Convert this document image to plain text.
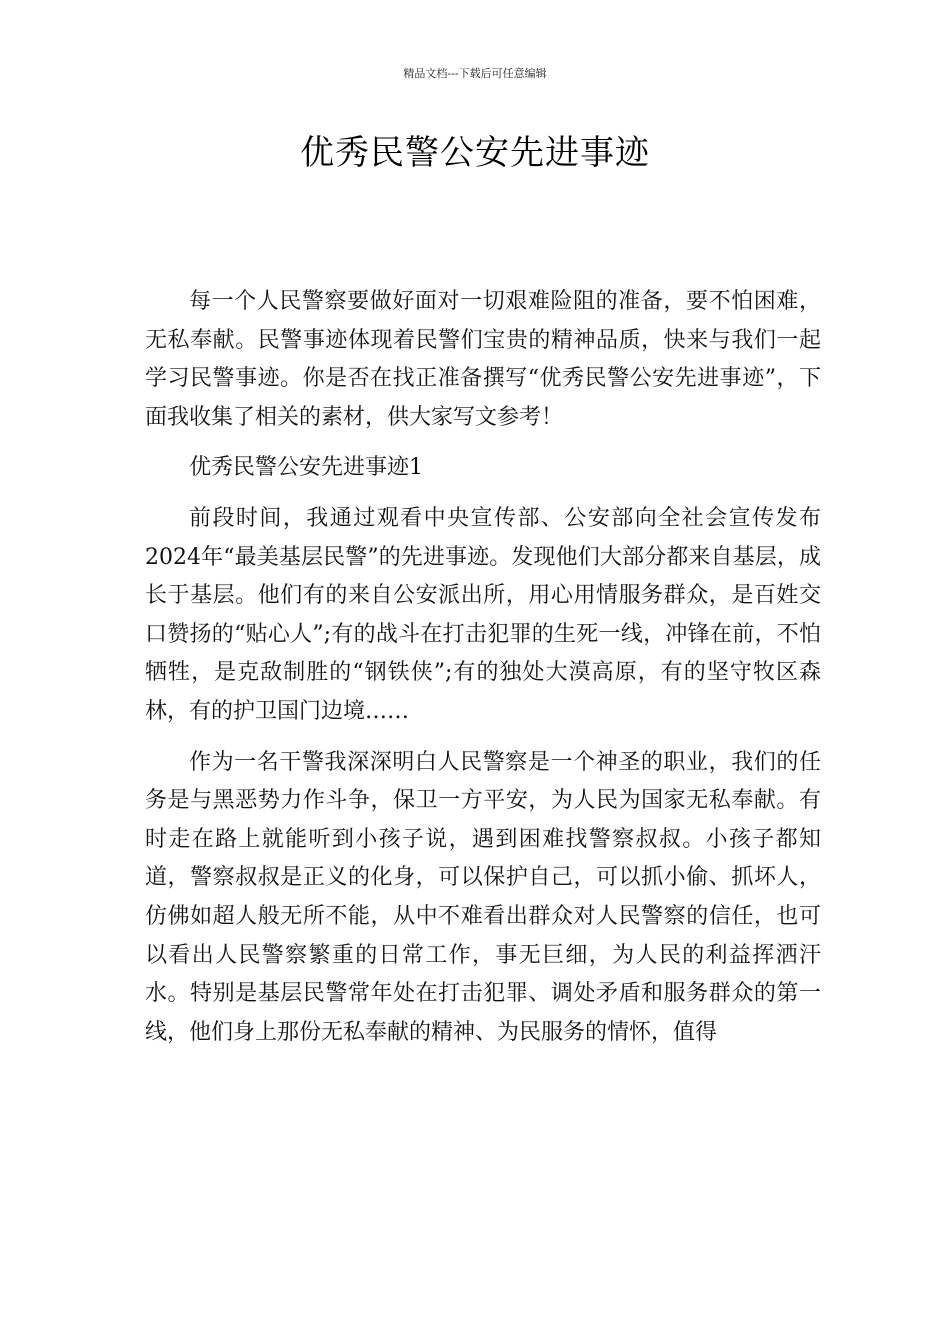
精品文档---下载后可任意编辑
优秀民警公安先进事迹

每一个人民警察要做好面对一切艰难险阻的准备，要不怕困难，无私奉献。民警事迹体现着民警们宝贵的精神品质，快来与我们一起学习民警事迹。你是否在找正准备撰写“优秀民警公安先进事迹”，下面我收集了相关的素材，供大家写文参考！

优秀民警公安先进事迹1

前段时间，我通过观看中央宣传部、公安部向全社会宣传发布2024年“最美基层民警”的先进事迹。发现他们大部分都来自基层，成长于基层。他们有的来自公安派出所，用心用情服务群众，是百姓交口赞扬的“贴心人”;有的战斗在打击犯罪的生死一线，冲锋在前，不怕牺牲，是克敌制胜的“钢铁侠”;有的独处大漠高原，有的坚守牧区森林，有的护卫国门边境……

作为一名干警我深深明白人民警察是一个神圣的职业，我们的任务是与黑恶势力作斗争，保卫一方平安，为人民为国家无私奉献。有时走在路上就能听到小孩子说，遇到困难找警察叔叔。小孩子都知道，警察叔叔是正义的化身，可以保护自己，可以抓小偷、抓坏人，仿佛如超人般无所不能，从中不难看出群众对人民警察的信任，也可以看出人民警察繁重的日常工作，事无巨细，为人民的利益挥洒汗水。特别是基层民警常年处在打击犯罪、调处矛盾和服务群众的第一线，他们身上那份无私奉献的精神、为民服务的情怀，值得
